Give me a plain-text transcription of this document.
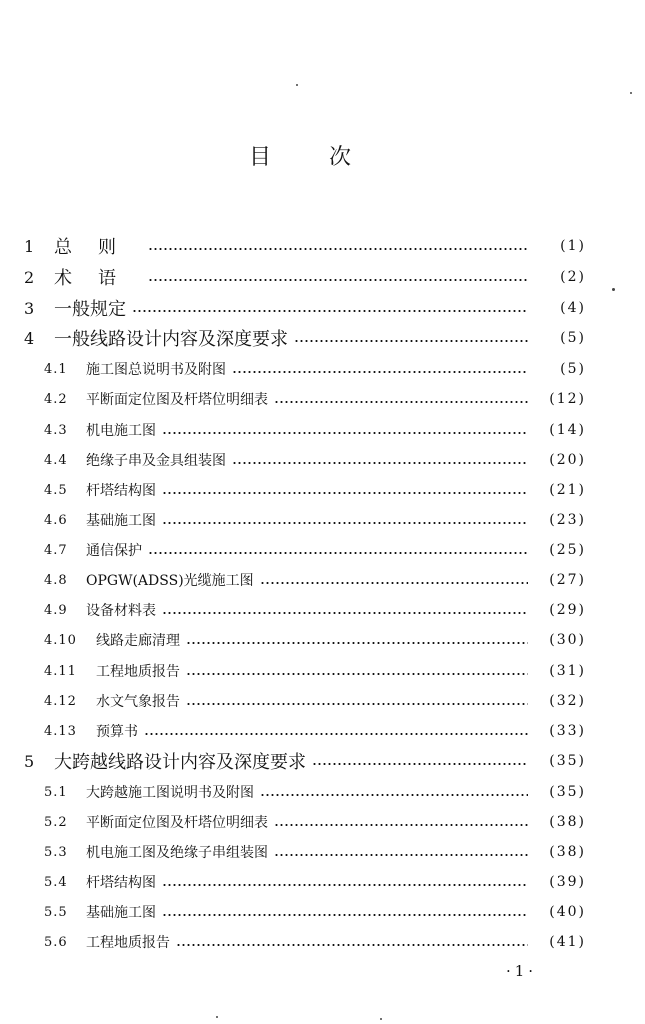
目次
1	总则	(1)
2	术语	(2)
3	一般规定	(4)
4	一般线路设计内容及深度要求	(5)
4.1	施工图总说明书及附图	(5)
4.2	平断面定位图及杆塔位明细表	(12)
4.3	机电施工图	(14)
4.4	绝缘子串及金具组装图	(20)
4.5	杆塔结构图	(21)
4.6	基础施工图	(23)
4.7	通信保护	(25)
4.8	OPGW(ADSS)光缆施工图	(27)
4.9	设备材料表	(29)
4.10	线路走廊清理	(30)
4.11	工程地质报告	(31)
4.12	水文气象报告	(32)
4.13	预算书	(33)
5	大跨越线路设计内容及深度要求	(35)
5.1	大跨越施工图说明书及附图	(35)
5.2	平断面定位图及杆塔位明细表	(38)
5.3	机电施工图及绝缘子串组装图	(38)
5.4	杆塔结构图	(39)
5.5	基础施工图	(40)
5.6	工程地质报告	(41)
·1·
